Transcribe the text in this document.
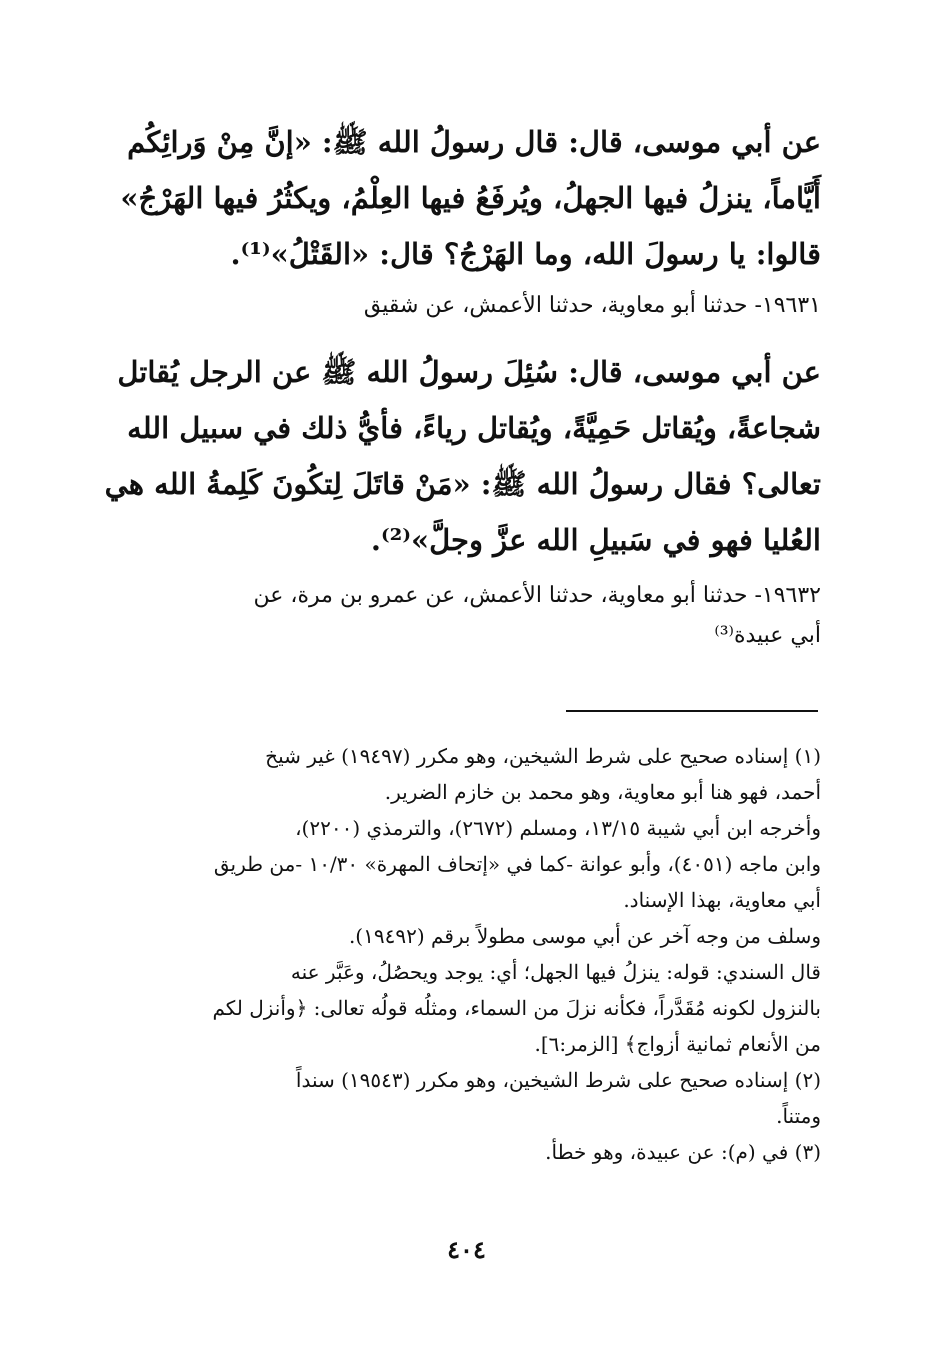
عن أبي موسى، قال: قال رسولُ الله ﷺ: «إنَّ مِنْ وَرائِكُم
أَيَّاماً، ينزلُ فيها الجهلُ، ويُرفَعُ فيها العِلْمُ، ويكثُرُ فيها الهَرْجُ»
قالوا: يا رسولَ الله، وما الهَرْجُ؟ قال: «القَتْلُ»⁽¹⁾.
١٩٦٣١- حدثنا أبو معاوية، حدثنا الأعمش، عن شقيق
عن أبي موسى، قال: سُئِلَ رسولُ الله ﷺ عن الرجل يُقاتل
شجاعةً، ويُقاتل حَمِيَّةً، ويُقاتل رياءً، فأيُّ ذلك في سبيل الله
تعالى؟ فقال رسولُ الله ﷺ: «مَنْ قاتَلَ لِتكُونَ كَلِمةُ الله هي
العُليا فهو في سَبيلِ الله عزَّ وجلَّ»⁽²⁾.
١٩٦٣٢- حدثنا أبو معاوية، حدثنا الأعمش، عن عمرو بن مرة، عن
أبي عبيدة⁽³⁾
(١) إسناده صحيح على شرط الشيخين، وهو مكرر (١٩٤٩٧) غير شيخ
أحمد، فهو هنا أبو معاوية، وهو محمد بن خازم الضرير.
وأخرجه ابن أبي شيبة ١٣/١٥، ومسلم (٢٦٧٢)، والترمذي (٢٢٠٠)،
وابن ماجه (٤٠٥١)، وأبو عوانة -كما في «إتحاف المهرة» ١٠/٣٠ -من طريق
أبي معاوية، بهذا الإسناد.
وسلف من وجه آخر عن أبي موسى مطولاً برقم (١٩٤٩٢).
قال السندي: قوله: ينزلُ فيها الجهل؛ أي: يوجد ويحصُلُ، وعَبَّر عنه
بالنزول لكونه مُقَدَّراً، فكأنه نزلَ من السماء، ومثلُه قولُه تعالى: ﴿وأنزل لكم
من الأنعام ثمانية أزواج﴾ [الزمر:٦].
(٢) إسناده صحيح على شرط الشيخين، وهو مكرر (١٩٥٤٣) سنداً
ومتناً.
(٣) في (م): عن عبيدة، وهو خطأ.
٤٠٤
